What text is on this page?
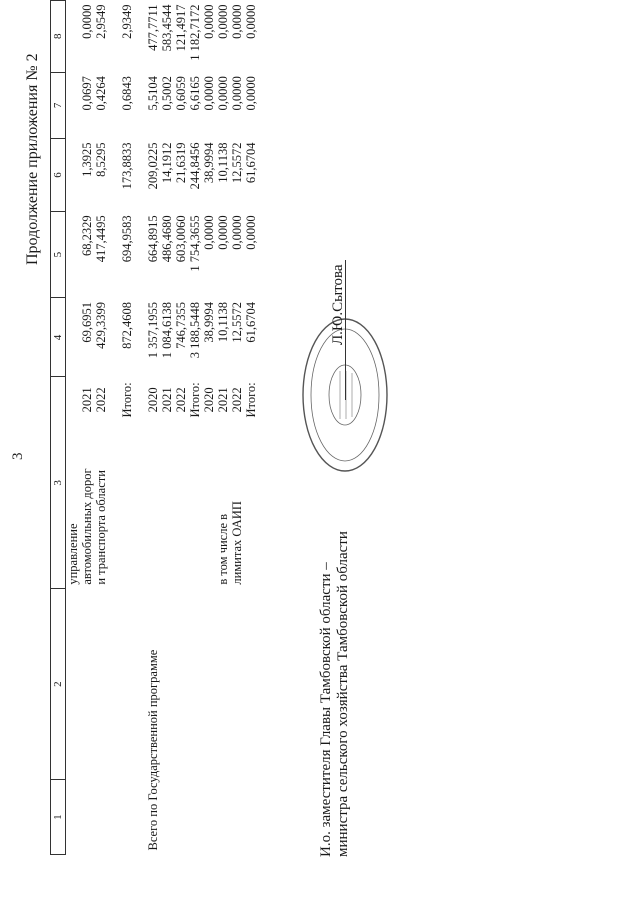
3
Продолжение приложения № 2
1	2	3		4	5	6	7	8
		управление						
		автомобильных дорог	2021	69,6951	68,2329	1,3925	0,0697	0,0000
		и транспорта области	2022	429,3399	417,4495	8,5295	0,4264	2,9549

			Итого:	872,4608	694,9583	173,8833	0,6843	2,9349

Всего по Государственной программе			2020	1 357,1955	664,8915	209,0225	5,5104	477,7711
			2021	1 084,6138	486,4680	14,1912	0,5002	583,4544
			2022	746,7355	603,0060	21,6319	0,6059	121,4917
			Итого:	3 188,5448	1 754,3655	244,8456	6,6165	1 182,7172
			2020	38,9994	0,0000	38,9994	0,0000	0,0000
		в том числе в	2021	10,1138	0,0000	10,1138	0,0000	0,0000
		лимитах ОАИП	2022	12,5572	0,0000	12,5572	0,0000	0,0000
			Итого:	61,6704	0,0000	61,6704	0,0000	0,0000
И.о. заместителя Главы Тамбовской области – министра сельского хозяйства Тамбовской области
Л.Ю.Сытова
